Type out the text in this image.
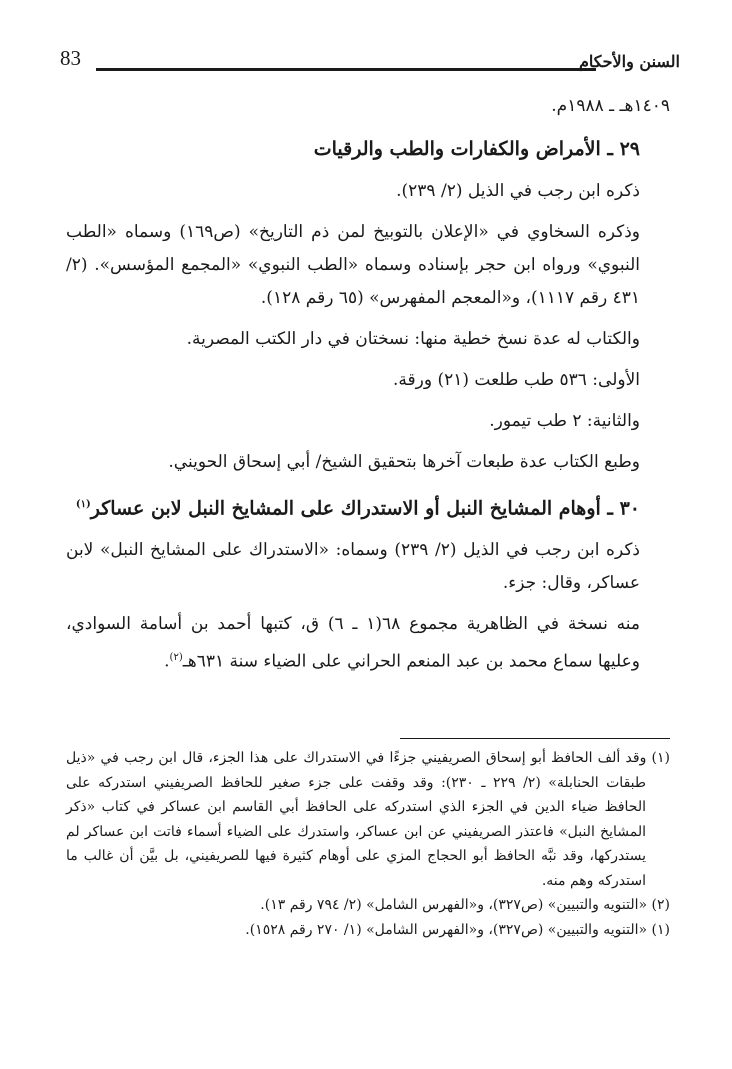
83	السنن والأحكام

١٤٠٩هـ ـ ١٩٨٨م.

٢٩ ـ الأمراض والكفارات والطب والرقيات

ذكره ابن رجب في الذيل (٢/ ٢٣٩).

وذكره السخاوي في «الإعلان بالتوبيخ لمن ذم التاريخ» (ص١٦٩) وسماه «الطب النبوي» ورواه ابن حجر بإسناده وسماه «الطب النبوي» «المجمع المؤسس». (٢/ ٤٣١ رقم ١١١٧)، و«المعجم المفهرس» (٦٥ رقم ١٢٨).

والكتاب له عدة نسخ خطية منها: نسختان في دار الكتب المصرية.

الأولى: ٥٣٦ طب طلعت (٢١) ورقة.

والثانية: ٢ طب تيمور.

وطبع الكتاب عدة طبعات آخرها بتحقيق الشيخ/ أبي إسحاق الحويني.

٣٠ ـ أوهام المشايخ النبل أو الاستدراك على المشايخ النبل لابن عساكر$^{(١)}$

ذكره ابن رجب في الذيل (٢/ ٢٣٩) وسماه: «الاستدراك على المشايخ النبل» لابن عساكر، وقال: جزء.

منه نسخة في الظاهرية مجموع ٦٨(١ ـ ٦) ق، كتبها أحمد بن أسامة السوادي، وعليها سماع محمد بن عبد المنعم الحراني على الضياء سنة ٦٣١هـ$^{(٢)}$.

(١) وقد ألف الحافظ أبو إسحاق الصريفيني جزءًا في الاستدراك على هذا الجزء، قال ابن رجب في «ذيل طبقات الحنابلة» (٢/ ٢٢٩ ـ ٢٣٠): وقد وقفت على جزء صغير للحافظ الصريفيني استدركه على الحافظ ضياء الدين في الجزء الذي استدركه على الحافظ أبي القاسم ابن عساكر في كتاب «ذكر المشايخ النبل» فاعتذر الصريفيني عن ابن عساكر، واستدرك على الضياء أسماء فاتت ابن عساكر لم يستدركها، وقد نبَّه الحافظ أبو الحجاج المزي على أوهام كثيرة فيها للصريفيني، بل بيَّن أن غالب ما استدركه وهم منه.

(٢) «التنويه والتبيين» (ص٣٢٧)، و«الفهرس الشامل» (٢/ ٧٩٤ رقم ١٣).

(١) «التنويه والتبيين» (ص٣٢٧)، و«الفهرس الشامل» (١/ ٢٧٠ رقم ١٥٢٨).
